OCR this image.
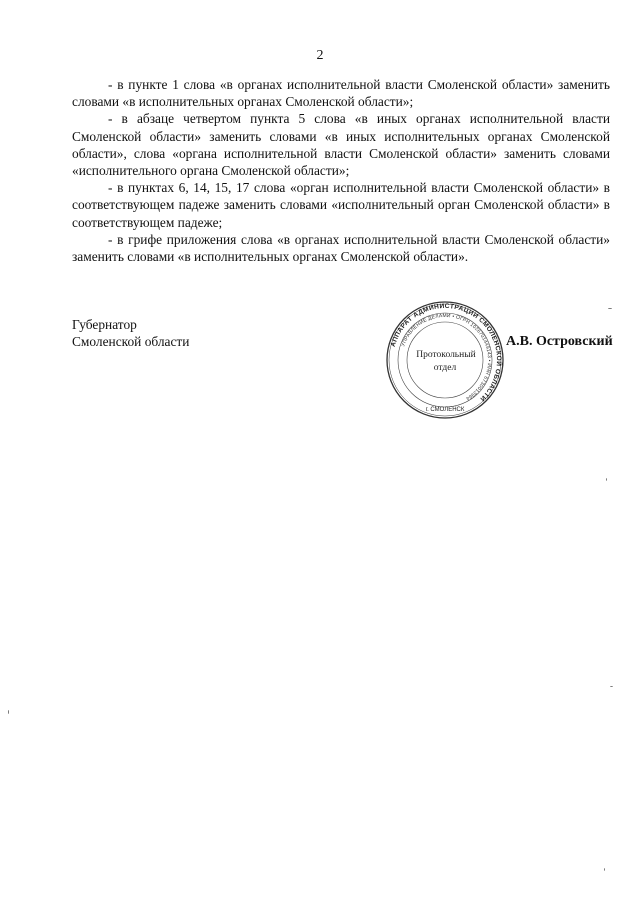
2

- в пункте 1 слова «в органах исполнительной власти Смоленской области» заменить словами «в исполнительных органах Смоленской области»;

- в абзаце четвертом пункта 5 слова «в иных органах исполнительной власти Смоленской области» заменить словами «в иных исполнительных органах Смоленской области», слова «органа исполнительной власти Смоленской области» заменить словами «исполнительного органа Смоленской области»;

- в пунктах 6, 14, 15, 17 слова «орган исполнительной власти Смоленской области» в соответствующем падеже заменить словами «исполнительный орган Смоленской области» в соответствующем падеже;

- в грифе приложения слова «в органах исполнительной власти Смоленской области» заменить словами «в исполнительных органах Смоленской области».

Губернатор
Смоленской области	АППАРАТ АДМИНИСТРАЦИИ СМОЛЕНСКОЙ ОБЛАСТИ
УПРАВЛЕНИЕ ДЕЛАМИ • ОГРН 1026701449143 • ИНН 6730013964
г. СМОЛЕНСК
Протокольный
отдел
А.В. Островский
